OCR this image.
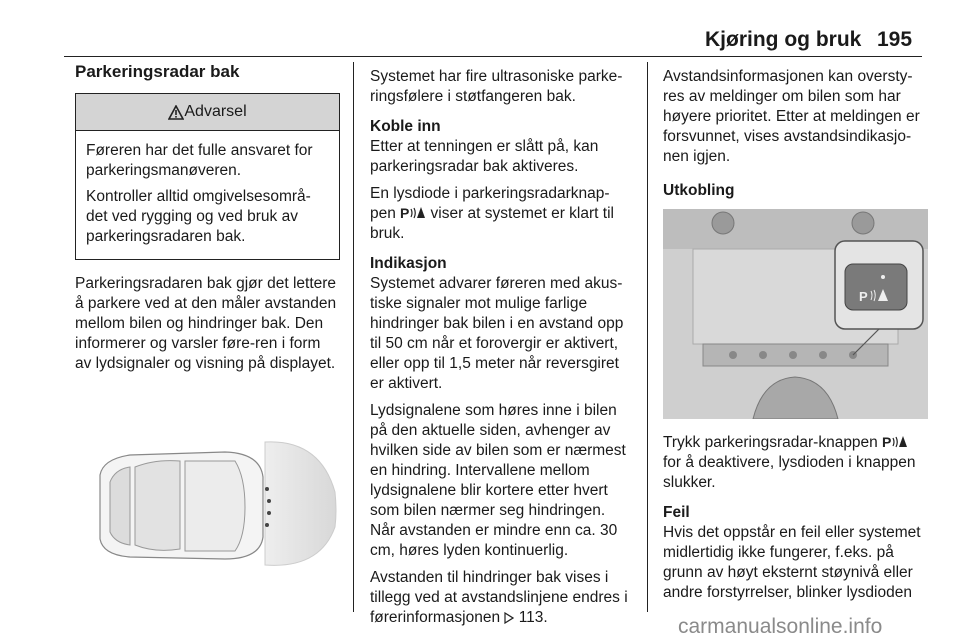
Kjøring og bruk 195
Parkeringsradar bak
Advarsel

Føreren har det fulle ansvaret for parkeringsmanøveren.

Kontroller alltid omgivelsesområ-det ved rygging og ved bruk av parkeringsradaren bak.

Parkeringsradaren bak gjør det lettere å parkere ved at den måler avstanden mellom bilen og hindringer bak. Den informerer og varsler føre-ren i form av lydsignaler og visning på displayet.

Systemet har fire ultrasoniske parke-ringsfølere i støtfangeren bak.

Koble inn

Etter at tenningen er slått på, kan parkeringsradar bak aktiveres.

En lysdiode i parkeringsradarknap-pen P viser at systemet er klart til bruk.

Indikasjon

Systemet advarer føreren med akus-tiske signaler mot mulige farlige hindringer bak bilen i en avstand opp til 50 cm når et forovergir er aktivert, eller opp til 1,5 meter når reversgiret er aktivert.

Lydsignalene som høres inne i bilen på den aktuelle siden, avhenger av hvilken side av bilen som er nærmest en hindring. Intervallene mellom lydsignalene blir kortere etter hvert som bilen nærmer seg hindringen. Når avstanden er mindre enn ca. 30 cm, høres lyden kontinuerlig.

Avstanden til hindringer bak vises i tillegg ved at avstandslinjene endres i førerinformasjonen 113.

Avstandsinformasjonen kan oversty-res av meldinger om bilen som har høyere prioritet. Etter at meldingen er forsvunnet, vises avstandsindikasjo-nen igjen.

Utkobling

P

Trykk parkeringsradar-knappen P
for å deaktivere, lysdioden i knappen slukker.

Feil

Hvis det oppstår en feil eller systemet midlertidig ikke fungerer, f.eks. på grunn av høyt eksternt støynivå eller andre forstyrrelser, blinker lysdioden

carmanualsonline.info
